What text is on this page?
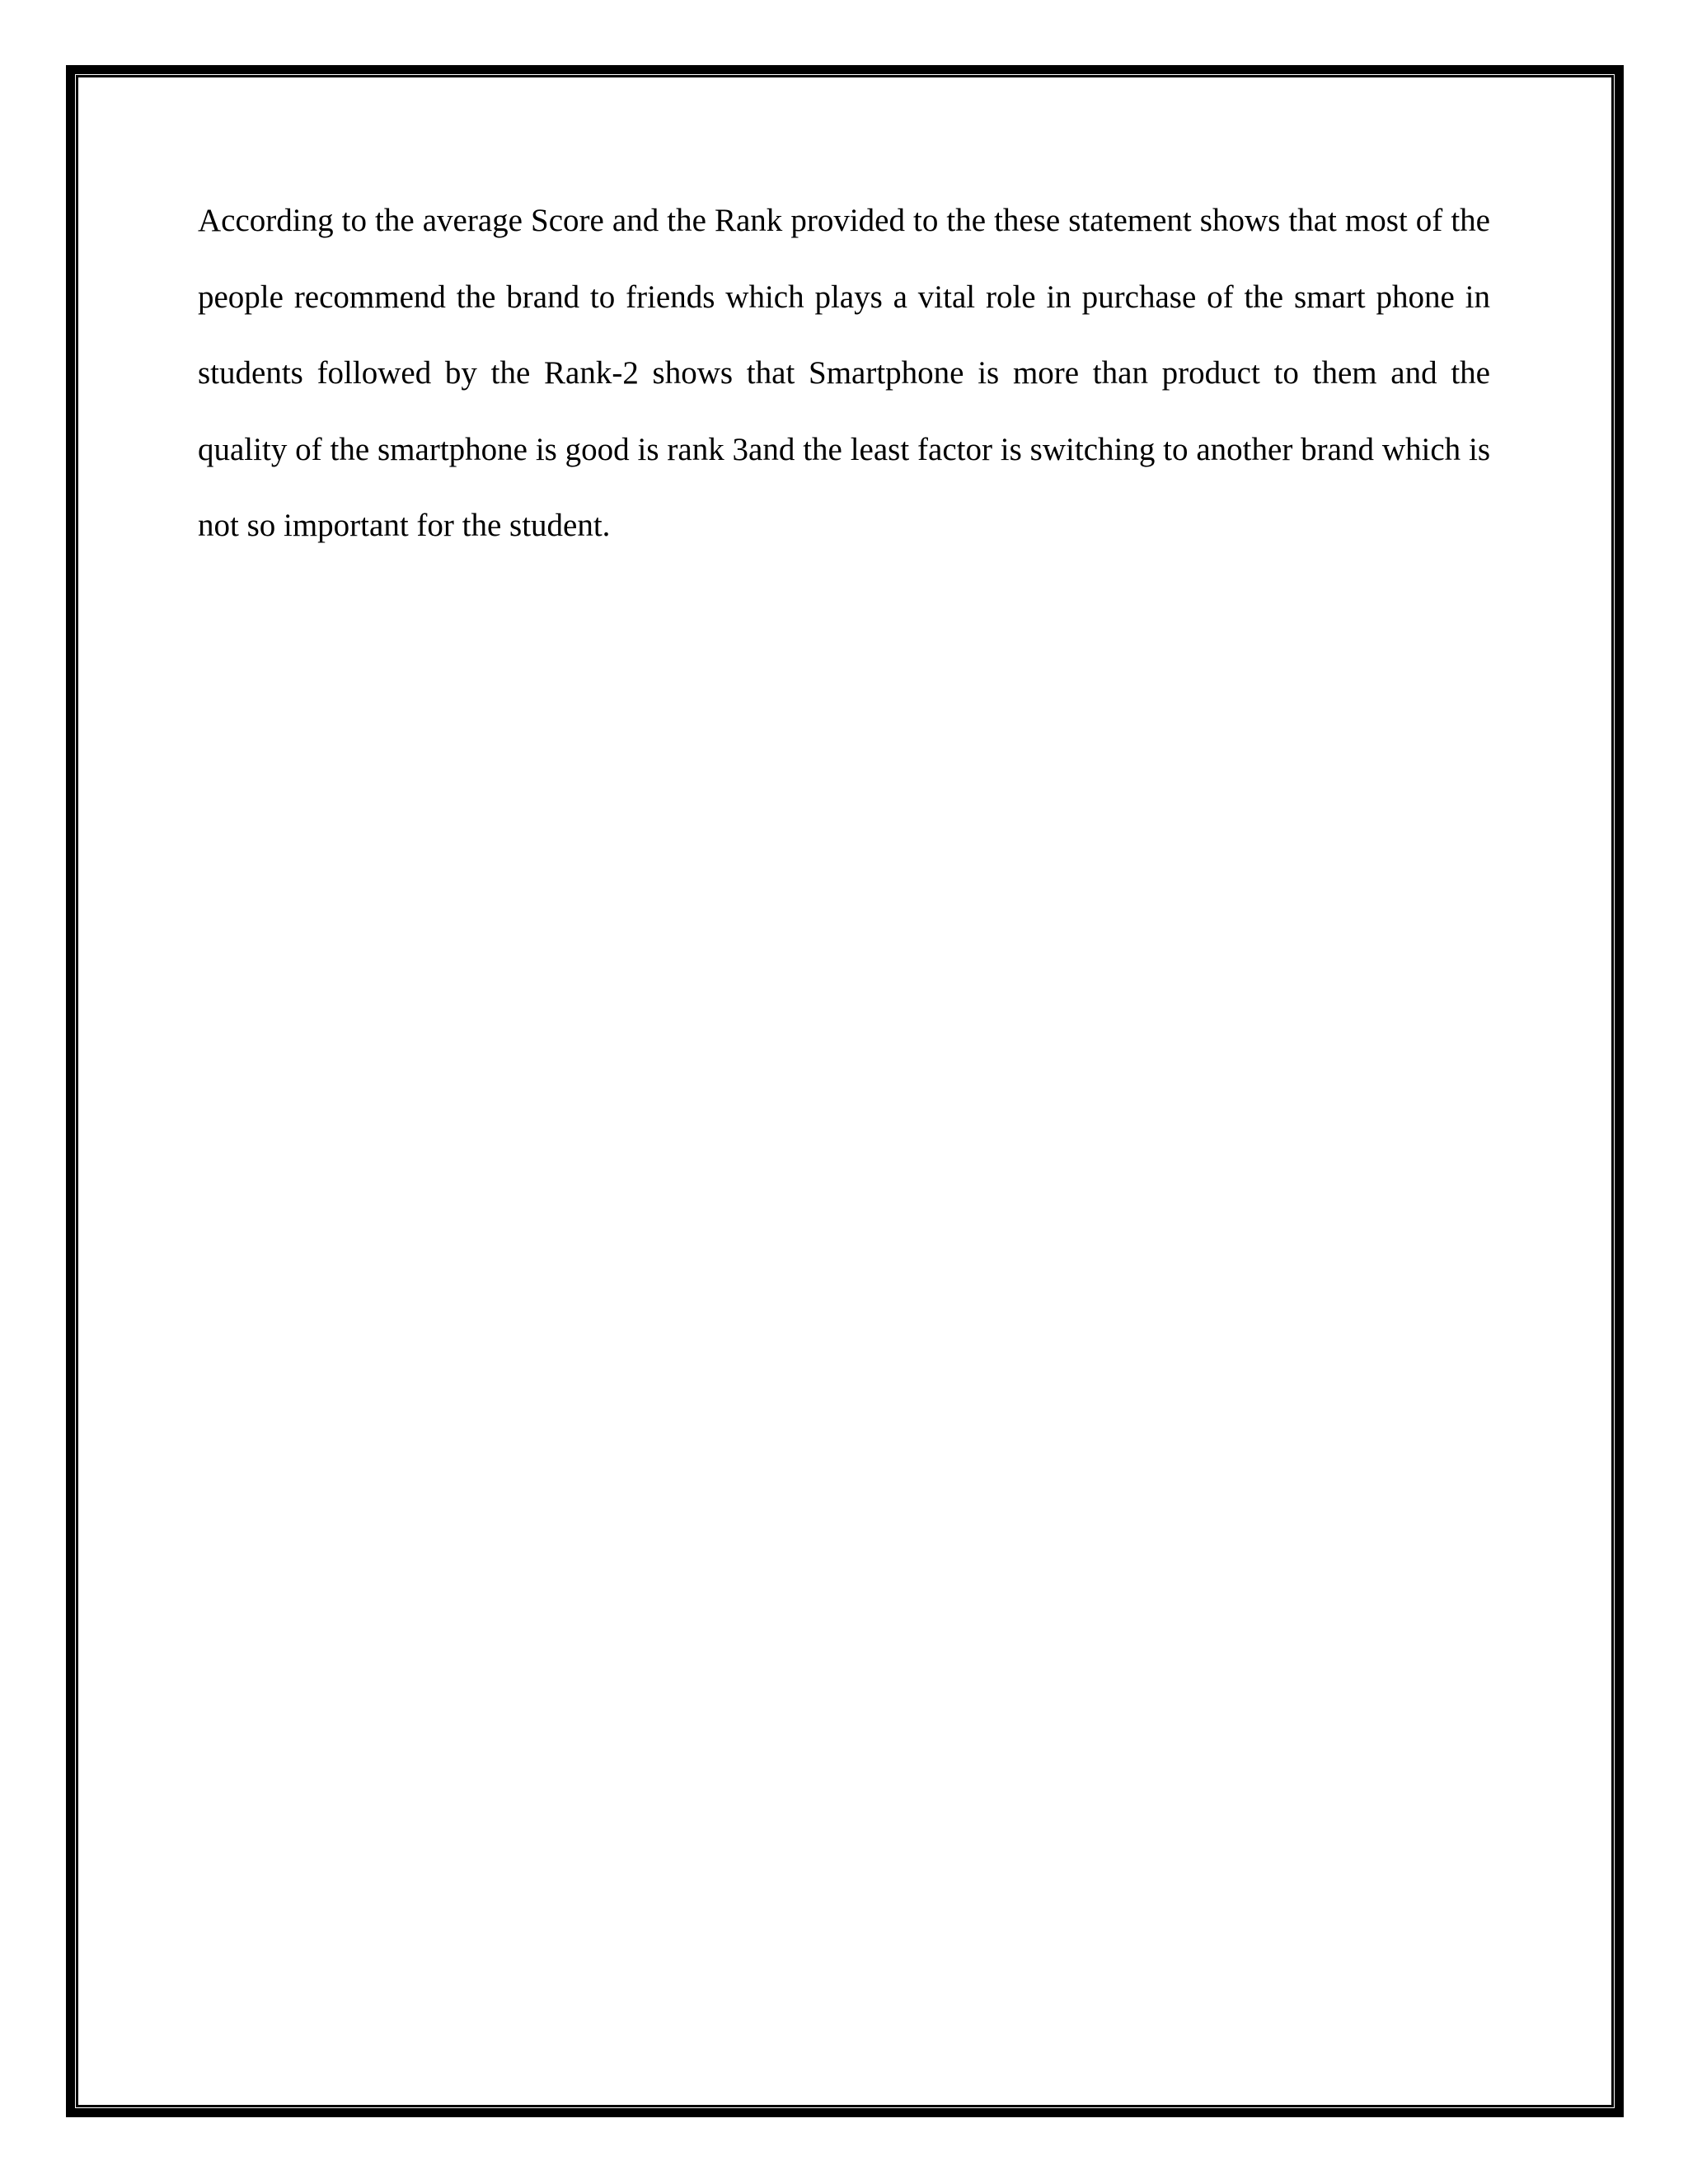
According to the average Score and the Rank provided to the these statement shows that most of the people recommend the brand to friends which plays a vital role in purchase of the smart phone in students followed by the Rank-2 shows that Smartphone is more than product to them and the quality of the smartphone is good is rank 3and the least factor is switching to another brand which is not so important for the student.
